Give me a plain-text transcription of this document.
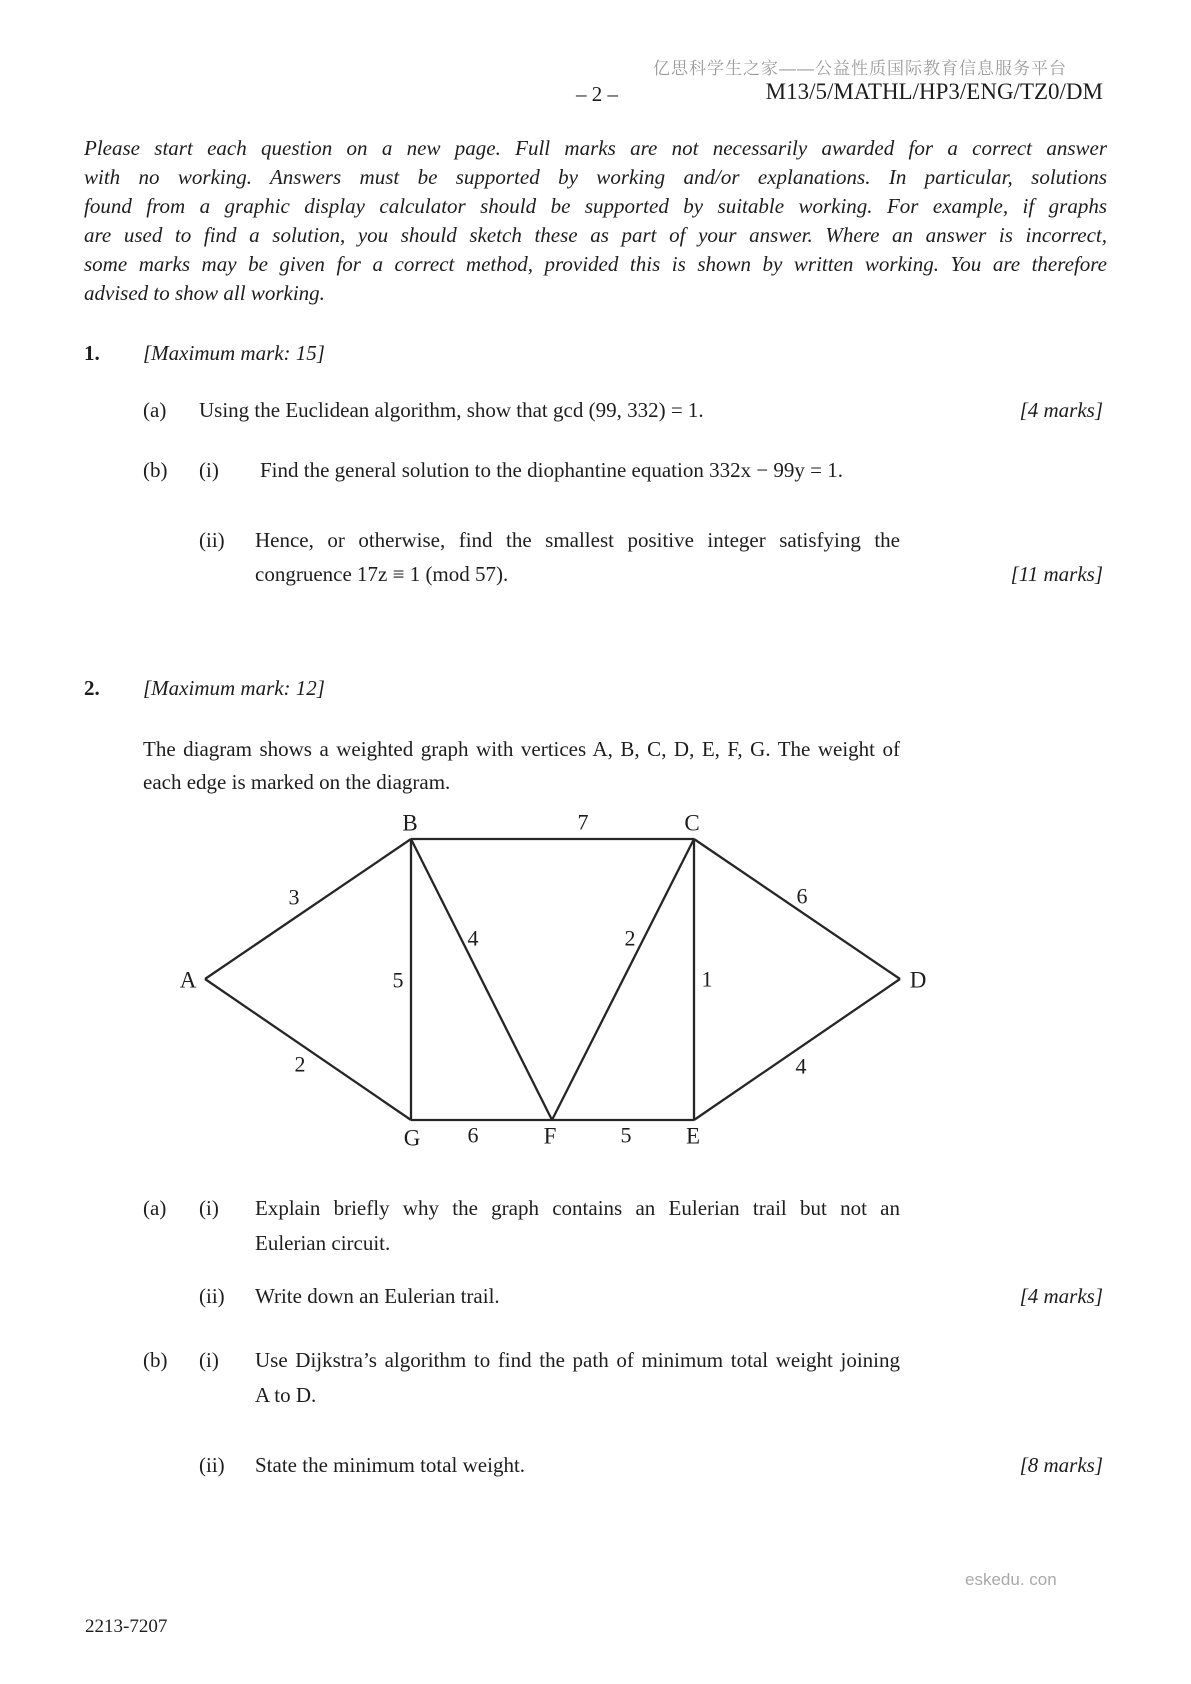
亿思科学生之家——公益性质国际教育信息服务平台
– 2 –	M13/5/MATHL/HP3/ENG/TZ0/DM
Please start each question on a new page. Full marks are not necessarily awarded for a correct answer
with no working. Answers must be supported by working and/or explanations. In particular, solutions
found from a graphic display calculator should be supported by suitable working. For example, if graphs
are used to find a solution, you should sketch these as part of your answer. Where an answer is incorrect,
some marks may be given for a correct method, provided this is shown by written working. You are therefore
advised to show all working.
1. [Maximum mark: 15]
(a) Using the Euclidean algorithm, show that gcd (99, 332) = 1.	[4 marks]
(b) (i) Find the general solution to the diophantine equation 332x − 99y = 1.
(ii) Hence, or otherwise, find the smallest positive integer satisfying the
congruence 17z ≡ 1 (mod 57).	[11 marks]
2. [Maximum mark: 12]
The diagram shows a weighted graph with vertices A, B, C, D, E, F, G. The weight of
each edge is marked on the diagram.
A
B	C
D
E
F
G
3
2
7
5
4
6
2
1
4
5
6
(a) (i) Explain briefly why the graph contains an Eulerian trail but not an
Eulerian circuit.
(ii) Write down an Eulerian trail.	[4 marks]
(b) (i) Use Dijkstra’s algorithm to find the path of minimum total weight joining
A to D.
(ii) State the minimum total weight.	[8 marks]
eskedu. con
2213-7207
